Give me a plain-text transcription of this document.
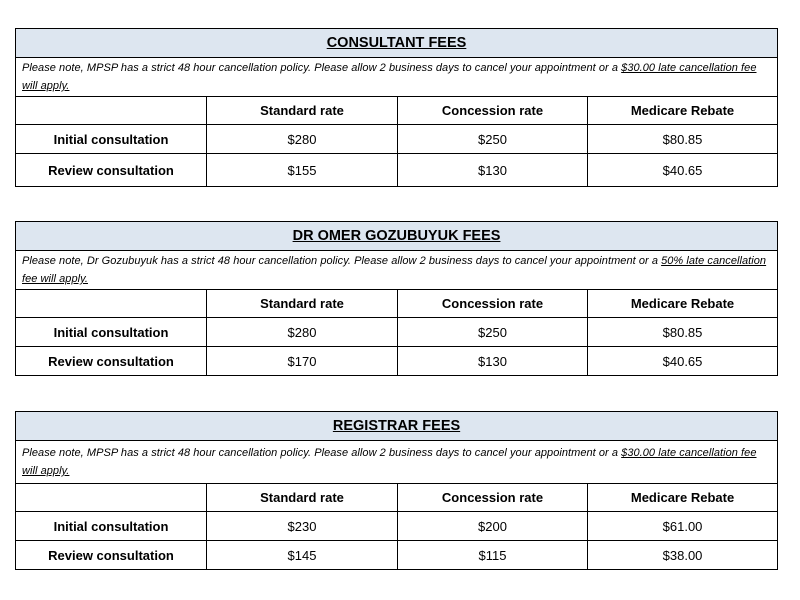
CONSULTANT FEES			
Please note, MPSP has a strict 48 hour cancellation policy. Please allow 2 business days to cancel your appointment or a $30.00 late cancellation fee will apply.			
	Standard rate	Concession rate	Medicare Rebate
Initial consultation	$280	$250	$80.85
Review consultation	$155	$130	$40.65
DR OMER GOZUBUYUK FEES			
Please note, Dr Gozubuyuk has a strict 48 hour cancellation policy. Please allow 2 business days to cancel your appointment or a 50% late cancellation fee will apply.			
	Standard rate	Concession rate	Medicare Rebate
Initial consultation	$280	$250	$80.85
Review consultation	$170	$130	$40.65
REGISTRAR FEES			
Please note, MPSP has a strict 48 hour cancellation policy. Please allow 2 business days to cancel your appointment or a $30.00 late cancellation fee will apply.			
	Standard rate	Concession rate	Medicare Rebate
Initial consultation	$230	$200	$61.00
Review consultation	$145	$115	$38.00
